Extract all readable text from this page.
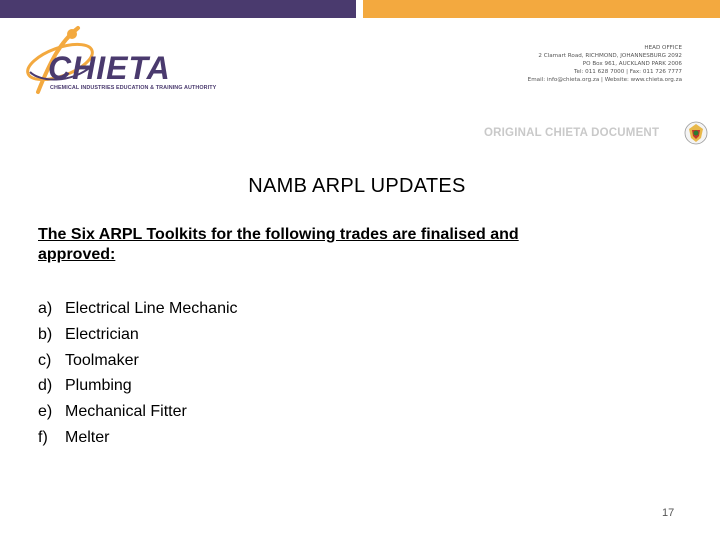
CHIETA
CHEMICAL INDUSTRIES EDUCATION & TRAINING AUTHORITY
HEAD OFFICE
2 Clamart Road, RICHMOND, JOHANNESBURG 2092
PO Box 961, AUCKLAND PARK 2006
Tel: 011 628 7000 | Fax: 011 726 7777
Email: info@chieta.org.za | Website: www.chieta.org.za
ORIGINAL CHIETA DOCUMENT
NAMB ARPL UPDATES
The Six ARPL Toolkits for the following trades are finalised and approved:
a) Electrical Line Mechanic
b) Electrician
c) Toolmaker
d) Plumbing
e) Mechanical Fitter
f) Melter
17
